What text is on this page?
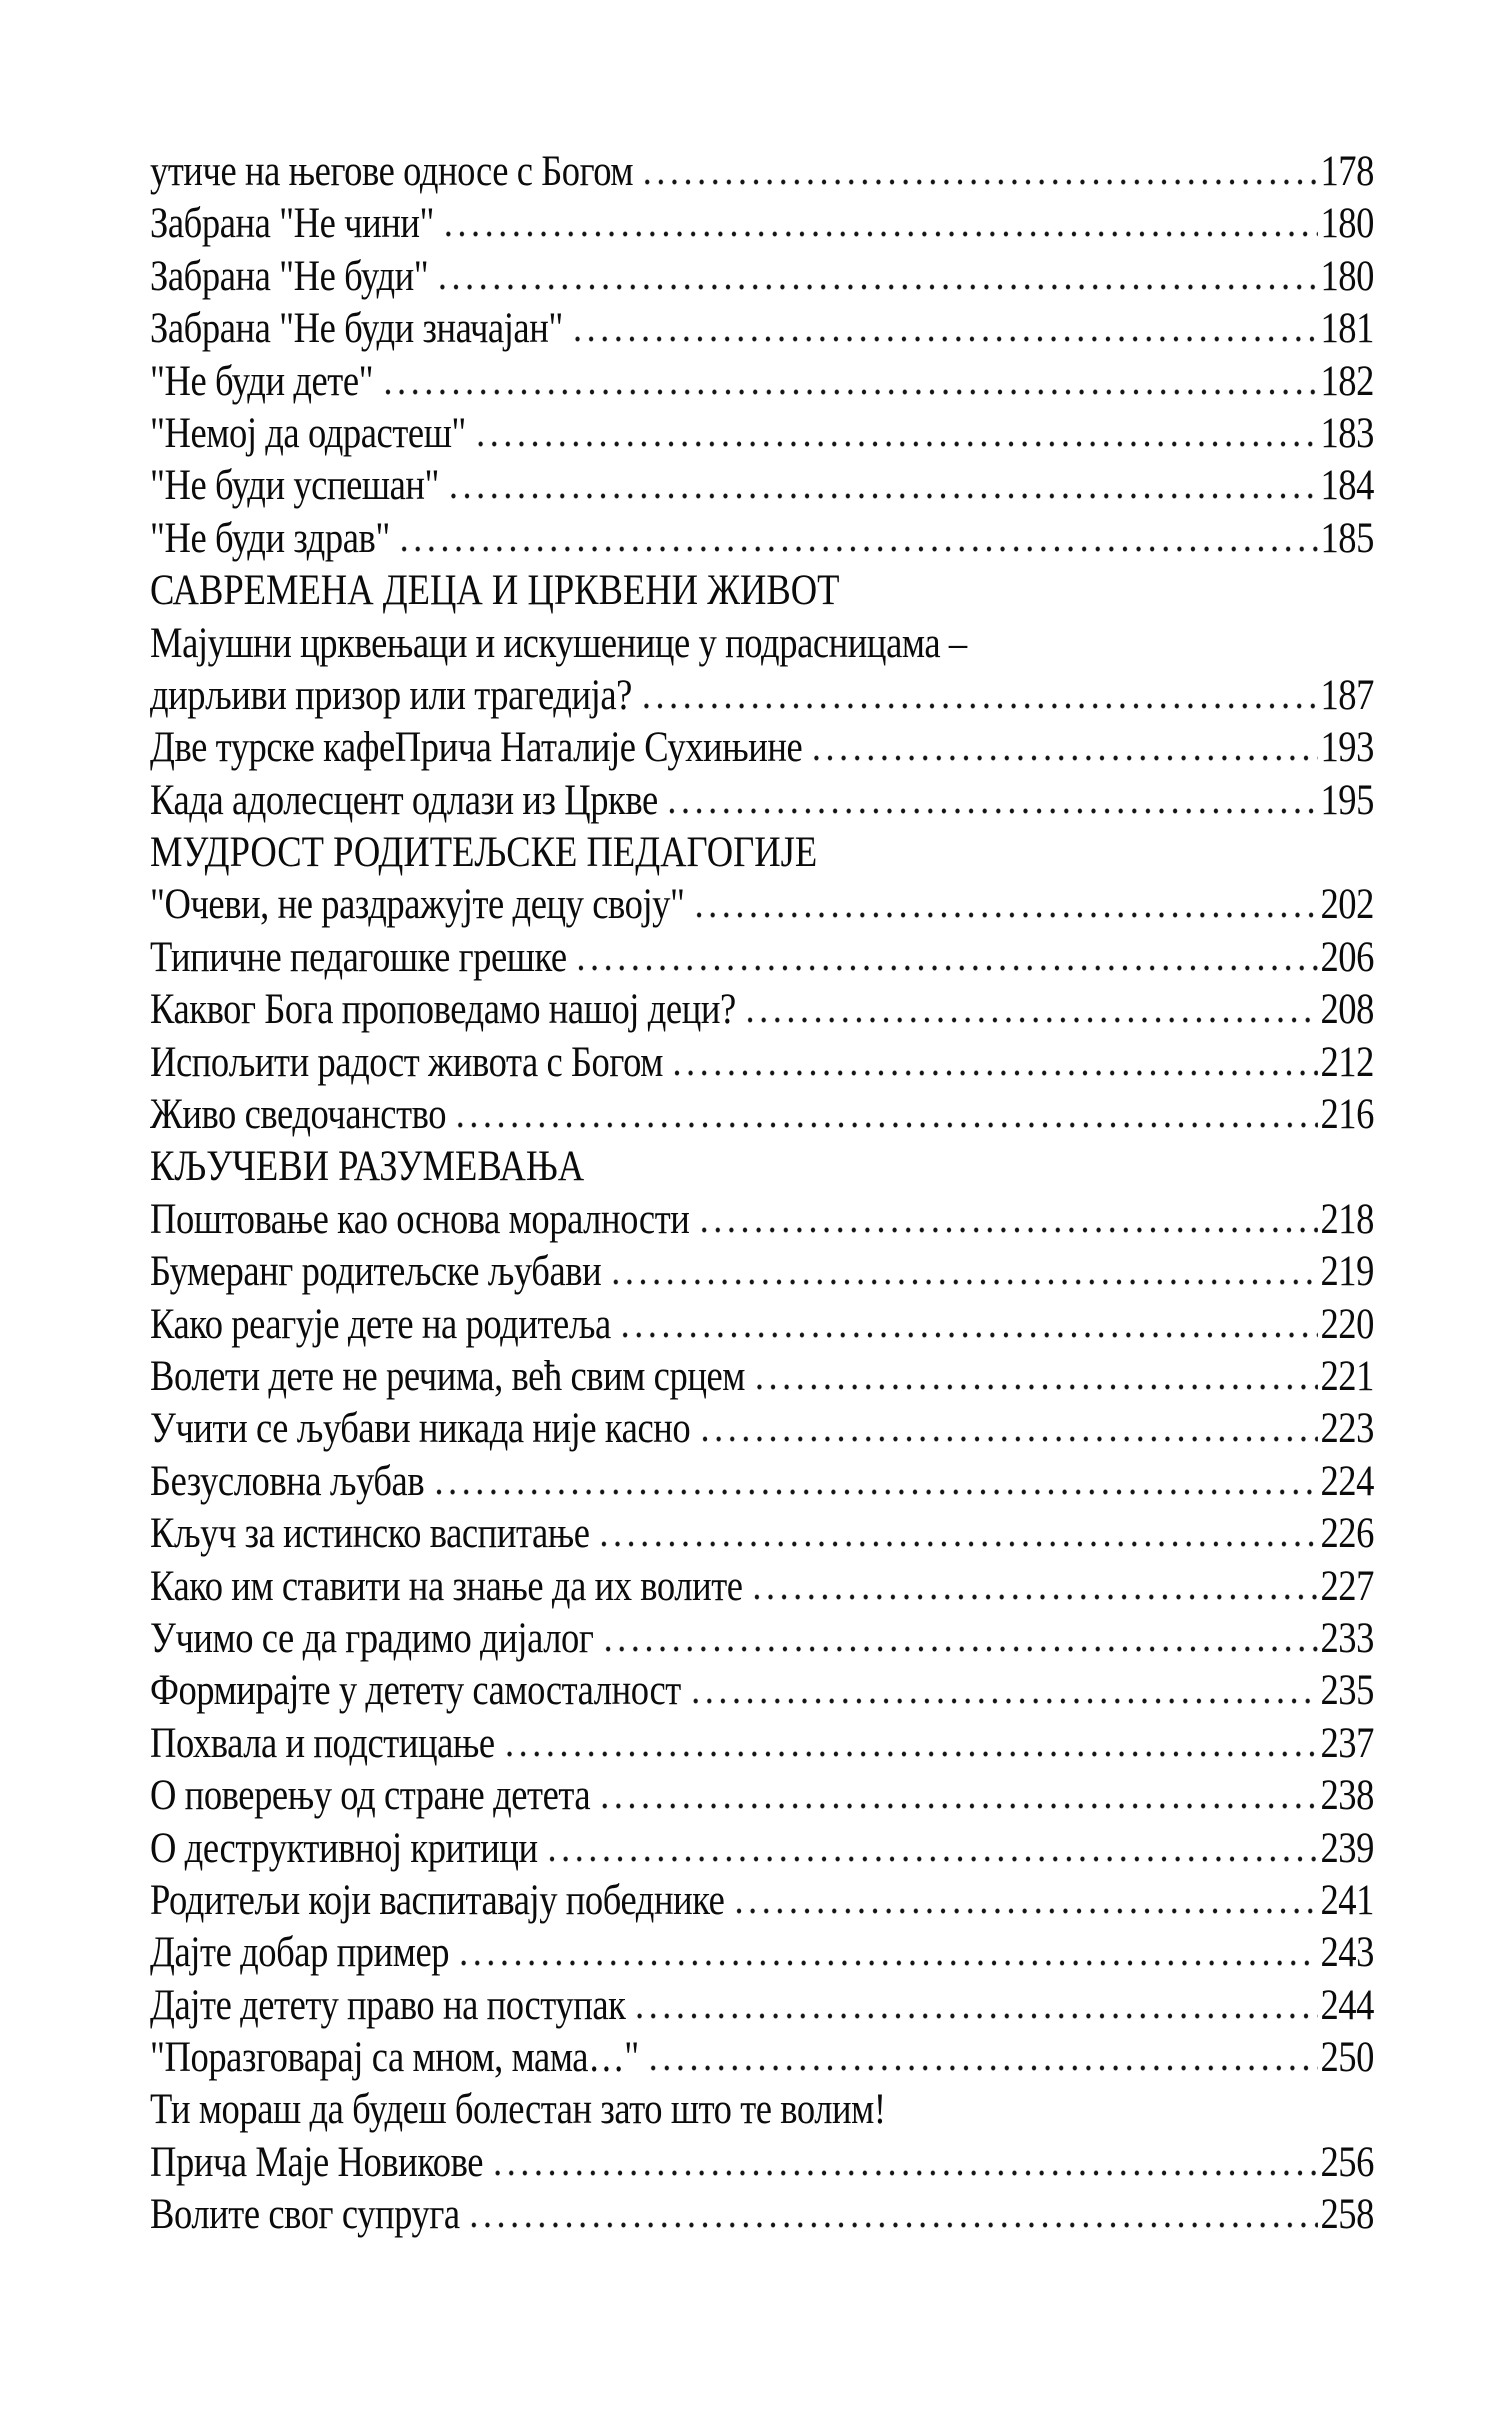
утиче на његове односе с Богом	178
Забрана "Не чини"	180
Забрана "Не буди"	180
Забрана "Не буди значајан"	181
"Не буди дете"	182
"Немој да одрастеш"	183
"Не буди успешан"	184
"Не буди здрав"	185
САВРЕМЕНА ДЕЦА И ЦРКВЕНИ ЖИВОТ
Мајушни црквењаци и искушенице у подрасницама –
дирљиви призор или трагедија?	187
Две турске кафеПрича Наталије Сухињине	193
Када адолесцент одлази из Цркве	195
МУДРОСТ РОДИТЕЉСКЕ ПЕДАГОГИЈЕ
"Очеви, не раздражујте децу своју"	202
Типичне педагошке грешке	206
Каквог Бога проповедамо нашој деци?	208
Испољити радост живота с Богом	212
Живо сведочанство	216
КЉУЧЕВИ РАЗУМЕВАЊА
Поштовање као основа моралности	218
Бумеранг родитељске љубави	219
Како реагује дете на родитеља	220
Волети дете не речима, већ свим срцем	221
Учити се љубави никада није касно	223
Безусловна љубав	224
Кључ за истинско васпитање	226
Како им ставити на знање да их волите	227
Учимо се да градимо дијалог	233
Формирајте у детету самосталност	235
Похвала и подстицање	237
О поверењу од стране детета	238
О деструктивној критици	239
Родитељи који васпитавају победнике	241
Дајте добар пример	243
Дајте детету право на поступак	244
"Поразговарај са мном, мама…"	250
Ти мораш да будеш болестан зато што те волим!
Прича Маје Новикове	256
Волите свог супруга	258
